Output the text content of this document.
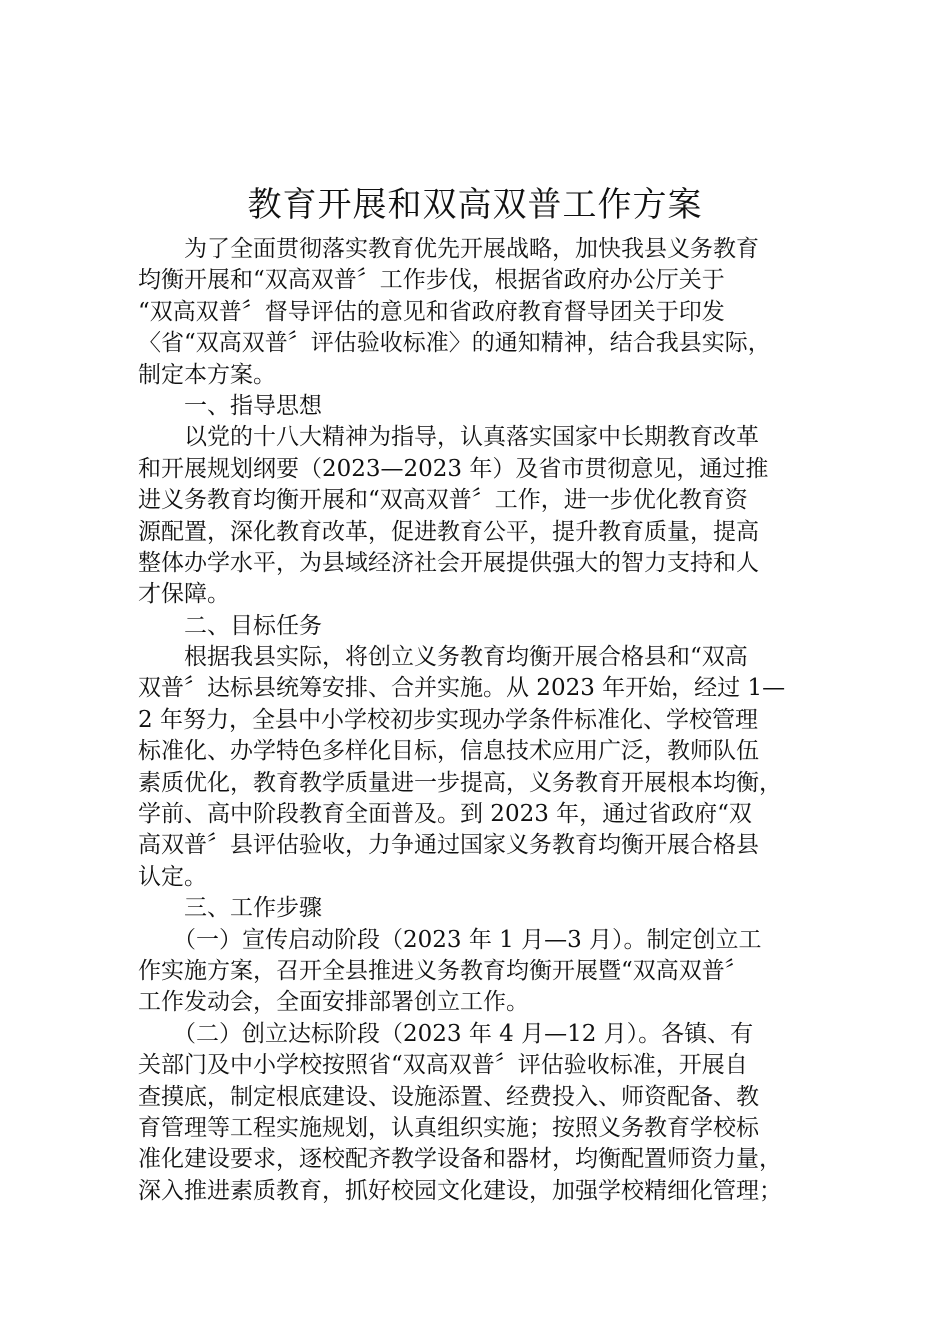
教育开展和双高双普工作方案
为了全面贯彻落实教育优先开展战略，加快我县义务教育
均衡开展和“双高双普〞工作步伐，根据省政府办公厅关于
“双高双普〞督导评估的意见和省政府教育督导团关于印发
〈省“双高双普〞评估验收标准〉的通知精神，结合我县实际，
制定本方案。
一、指导思想
以党的十八大精神为指导，认真落实国家中长期教育改革
和开展规划纲要（2023—2023 年）及省市贯彻意见，通过推
进义务教育均衡开展和“双高双普〞工作，进一步优化教育资
源配置，深化教育改革，促进教育公平，提升教育质量，提高
整体办学水平，为县域经济社会开展提供强大的智力支持和人
才保障。
二、目标任务
根据我县实际，将创立义务教育均衡开展合格县和“双高
双普〞达标县统筹安排、合并实施。从 2023 年开始，经过 1—
2 年努力，全县中小学校初步实现办学条件标准化、学校管理
标准化、办学特色多样化目标，信息技术应用广泛，教师队伍
素质优化，教育教学质量进一步提高，义务教育开展根本均衡，
学前、高中阶段教育全面普及。到 2023 年，通过省政府“双
高双普〞县评估验收，力争通过国家义务教育均衡开展合格县
认定。
三、工作步骤
（一）宣传启动阶段（2023 年 1 月—3 月）。制定创立工
作实施方案，召开全县推进义务教育均衡开展暨“双高双普〞
工作发动会，全面安排部署创立工作。
（二）创立达标阶段（2023 年 4 月—12 月）。各镇、有
关部门及中小学校按照省“双高双普〞评估验收标准，开展自
查摸底，制定根底建设、设施添置、经费投入、师资配备、教
育管理等工程实施规划，认真组织实施；按照义务教育学校标
准化建设要求，逐校配齐教学设备和器材，均衡配置师资力量，
深入推进素质教育，抓好校园文化建设，加强学校精细化管理；
